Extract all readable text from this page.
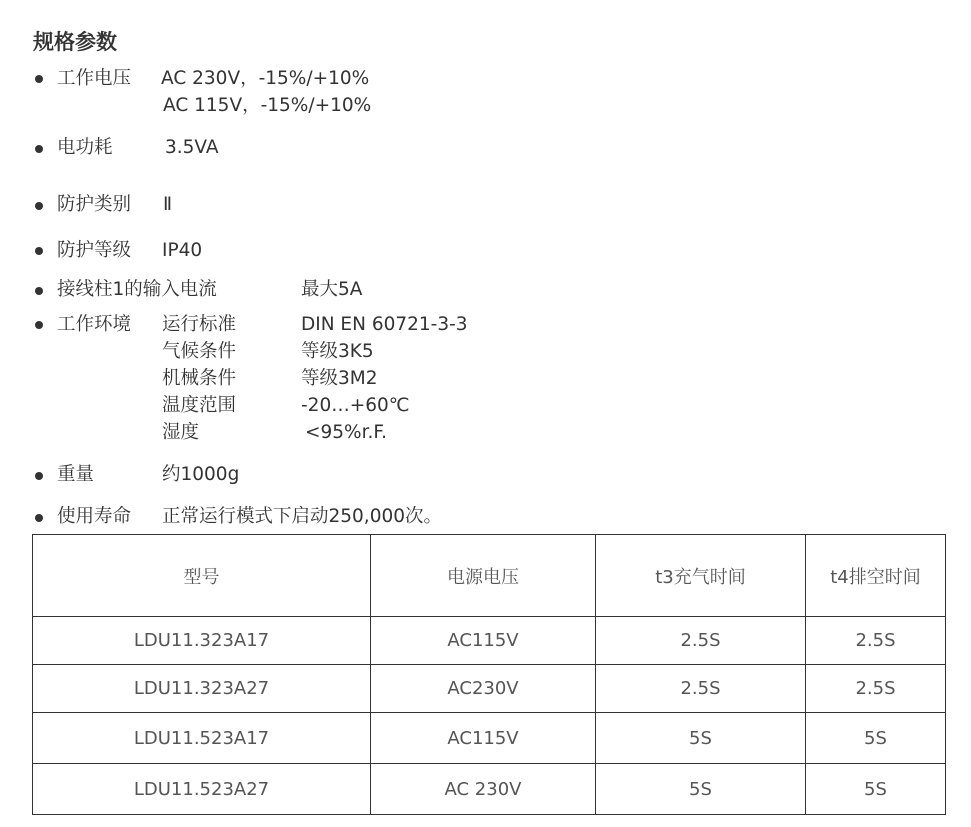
规格参数
工作电压 AC 230V，-15%/+10%
AC 115V，-15%/+10%
电功耗	3.5VA
防护类别 Ⅱ
防护等级 IP40
接线柱1的输入电流	最大5A
工作环境 运行标准	DIN EN 60721-3-3
气候条件	等级3K5
机械条件	等级3M2
温度范围	-20…+60℃
湿度	<95%r.F.
重量	约1000g
使用寿命 正常运行模式下启动250,000次。
型号	电源电压	t3充气时间	t4排空时间
LDU11.323A17	AC115V	2.5S	2.5S
LDU11.323A27	AC230V	2.5S	2.5S
LDU11.523A17	AC115V	5S	5S
LDU11.523A27	AC 230V	5S	5S
